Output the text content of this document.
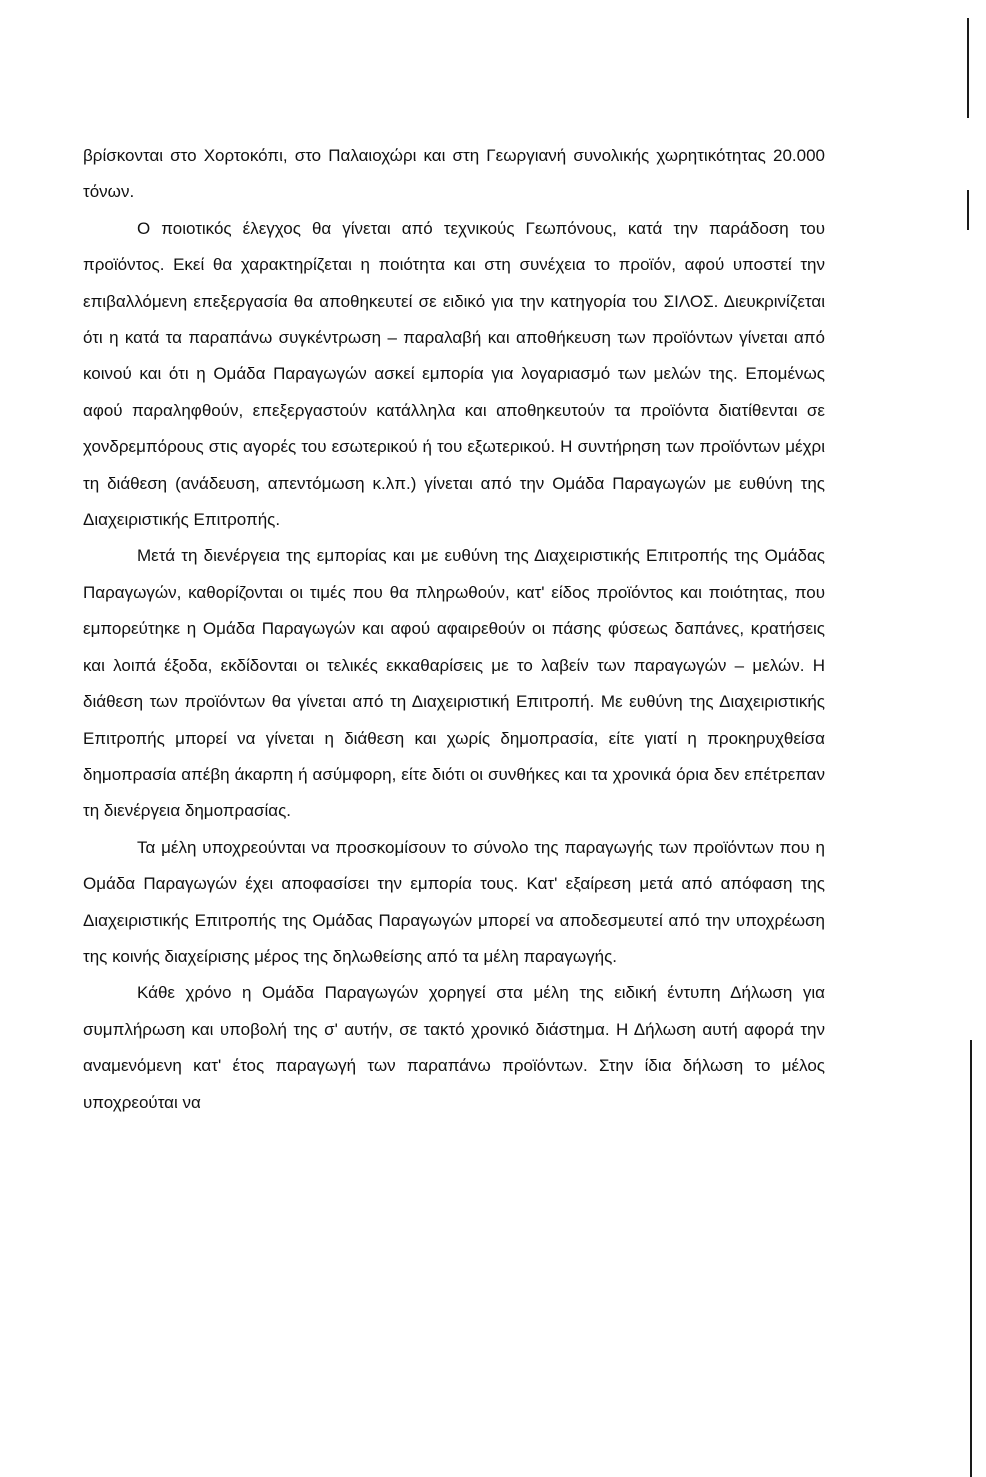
βρίσκονται στο Χορτοκόπι, στο Παλαιοχώρι και στη Γεωργιανή συνολικής χωρητικότητας 20.000 τόνων.

Ο ποιοτικός έλεγχος θα γίνεται από τεχνικούς Γεωπόνους, κατά την παράδοση του προϊόντος. Εκεί θα χαρακτηρίζεται η ποιότητα και στη συνέχεια το προϊόν, αφού υποστεί την επιβαλλόμενη επεξεργασία θα αποθηκευτεί σε ειδικό για την κατηγορία του ΣΙΛΟΣ. Διευκρινίζεται ότι η κατά τα παραπάνω συγκέντρωση – παραλαβή και αποθήκευση των προϊόντων γίνεται από κοινού και ότι η Ομάδα Παραγωγών ασκεί εμπορία για λογαριασμό των μελών της. Επομένως αφού παραληφθούν, επεξεργαστούν κατάλληλα και αποθηκευτούν τα προϊόντα διατίθενται σε χονδρεμπόρους στις αγορές του εσωτερικού ή του εξωτερικού. Η συντήρηση των προϊόντων μέχρι τη διάθεση (ανάδευση, απεντόμωση κ.λπ.) γίνεται από την Ομάδα Παραγωγών με ευθύνη της Διαχειριστικής Επιτροπής.

Μετά τη διενέργεια της εμπορίας και με ευθύνη της Διαχειριστικής Επιτροπής της Ομάδας Παραγωγών, καθορίζονται οι τιμές που θα πληρωθούν, κατ' είδος προϊόντος και ποιότητας, που εμπορεύτηκε η Ομάδα Παραγωγών και αφού αφαιρεθούν οι πάσης φύσεως δαπάνες, κρατήσεις και λοιπά έξοδα, εκδίδονται οι τελικές εκκαθαρίσεις με το λαβείν των παραγωγών – μελών. Η διάθεση των προϊόντων θα γίνεται από τη Διαχειριστική Επιτροπή. Με ευθύνη της Διαχειριστικής Επιτροπής μπορεί να γίνεται η διάθεση και χωρίς δημοπρασία, είτε γιατί η προκηρυχθείσα δημοπρασία απέβη άκαρπη ή ασύμφορη, είτε διότι οι συνθήκες και τα χρονικά όρια δεν επέτρεπαν τη διενέργεια δημοπρασίας.

Τα μέλη υποχρεούνται να προσκομίσουν το σύνολο της παραγωγής των προϊόντων που η Ομάδα Παραγωγών έχει αποφασίσει την εμπορία τους. Κατ' εξαίρεση μετά από απόφαση της Διαχειριστικής Επιτροπής της Ομάδας Παραγωγών μπορεί να αποδεσμευτεί από την υποχρέωση της κοινής διαχείρισης μέρος της δηλωθείσης από τα μέλη παραγωγής.

Κάθε χρόνο η Ομάδα Παραγωγών χορηγεί στα μέλη της ειδική έντυπη Δήλωση για συμπλήρωση και υποβολή της σ' αυτήν, σε τακτό χρονικό διάστημα. Η Δήλωση αυτή αφορά την αναμενόμενη κατ' έτος παραγωγή των παραπάνω προϊόντων. Στην ίδια δήλωση το μέλος υποχρεούται να
